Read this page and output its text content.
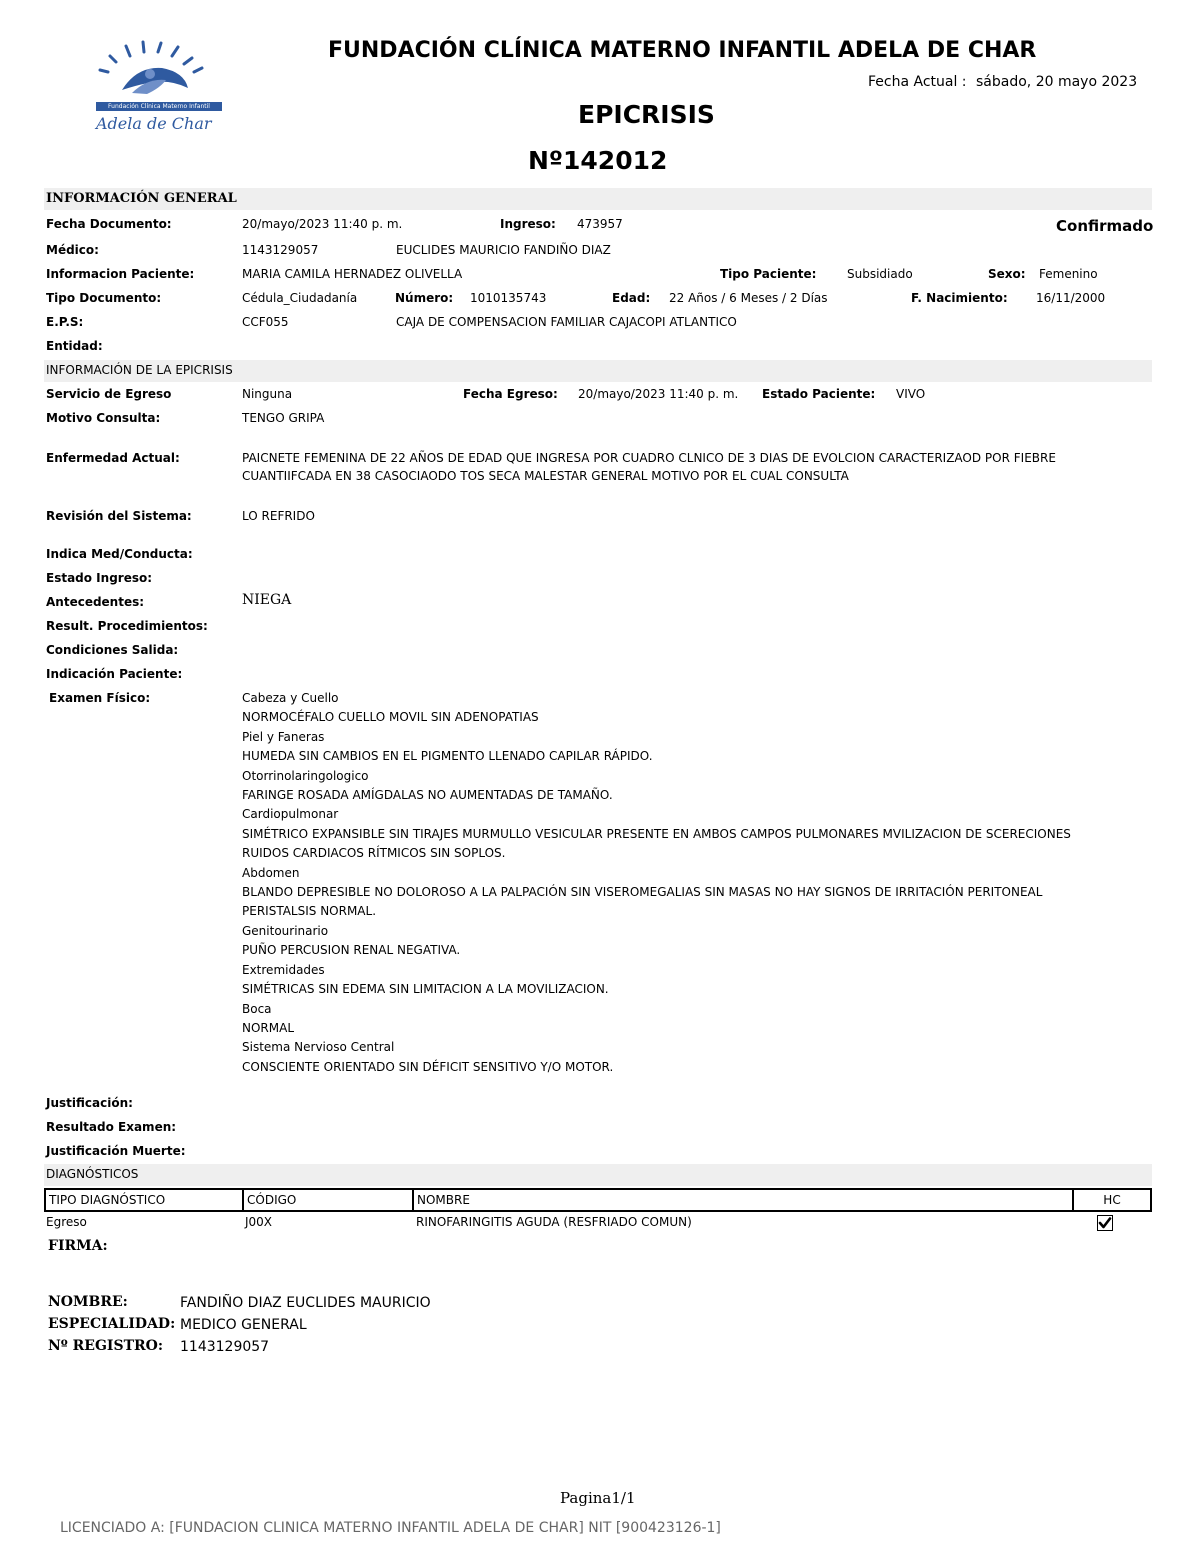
Fundación Clínica Materno Infantil
Adela de Char
FUNDACIÓN CLÍNICA MATERNO INFANTIL ADELA DE CHAR
Fecha Actual : sábado, 20 mayo 2023
EPICRISIS
Nº142012
INFORMACIÓN GENERAL
Confirmado
Fecha Documento:	20/mayo/2023 11:40 p. m.	Ingreso: 473957
Médico:	1143129057	EUCLIDES MAURICIO FANDIÑO DIAZ
Informacion Paciente:	MARIA CAMILA HERNADEZ OLIVELLA	Tipo Paciente:	Subsidiado	Sexo: Femenino
Tipo Documento:	Cédula_Ciudadanía	Número: 1010135743	Edad: 22 Años / 6 Meses / 2 Días	F. Nacimiento: 16/11/2000
E.P.S:	CCF055	CAJA DE COMPENSACION FAMILIAR CAJACOPI ATLANTICO
Entidad:
INFORMACIÓN DE LA EPICRISIS
Servicio de Egreso	Ninguna	Fecha Egreso: 20/mayo/2023 11:40 p. m. Estado Paciente: VIVO
Motivo Consulta:	TENGO GRIPA
Enfermedad Actual:	PAICNETE FEMENINA DE 22 AÑOS DE EDAD QUE INGRESA POR CUADRO CLNICO DE 3 DIAS DE EVOLCION CARACTERIZAOD POR FIEBRE
CUANTIIFCADA EN 38 CASOCIAODO TOS SECA MALESTAR GENERAL MOTIVO POR EL CUAL CONSULTA
Revisión del Sistema:	LO REFRIDO
Indica Med/Conducta:
Estado Ingreso:
Antecedentes:	NIEGA
Result. Procedimientos:
Condiciones Salida:
Indicación Paciente:
Examen Físico:	Cabeza y Cuello
NORMOCÉFALO CUELLO MOVIL SIN ADENOPATIAS
Piel y Faneras
HUMEDA SIN CAMBIOS EN EL PIGMENTO LLENADO CAPILAR RÁPIDO.
Otorrinolaringologico
FARINGE ROSADA AMÍGDALAS NO AUMENTADAS DE TAMAÑO.
Cardiopulmonar
SIMÉTRICO EXPANSIBLE SIN TIRAJES MURMULLO VESICULAR PRESENTE EN AMBOS CAMPOS PULMONARES MVILIZACION DE SCERECIONES
RUIDOS CARDIACOS RÍTMICOS SIN SOPLOS.
Abdomen
BLANDO DEPRESIBLE NO DOLOROSO A LA PALPACIÓN SIN VISEROMEGALIAS SIN MASAS NO HAY SIGNOS DE IRRITACIÓN PERITONEAL
PERISTALSIS NORMAL.
Genitourinario
PUÑO PERCUSION RENAL NEGATIVA.
Extremidades
SIMÉTRICAS SIN EDEMA SIN LIMITACION A LA MOVILIZACION.
Boca
NORMAL
Sistema Nervioso Central
CONSCIENTE ORIENTADO SIN DÉFICIT SENSITIVO Y/O MOTOR.
Justificación:
Resultado Examen:
Justificación Muerte:
DIAGNÓSTICOS
TIPO DIAGNÓSTICO	CÓDIGO	NOMBRE	HC
Egreso	J00X	RINOFARINGITIS AGUDA (RESFRIADO COMUN)
FIRMA:
NOMBRE:	FANDIÑO DIAZ EUCLIDES MAURICIO
ESPECIALIDAD: MEDICO GENERAL
Nº REGISTRO: 1143129057
Pagina1/1
LICENCIADO A: [FUNDACION CLINICA MATERNO INFANTIL ADELA DE CHAR] NIT [900423126-1]
